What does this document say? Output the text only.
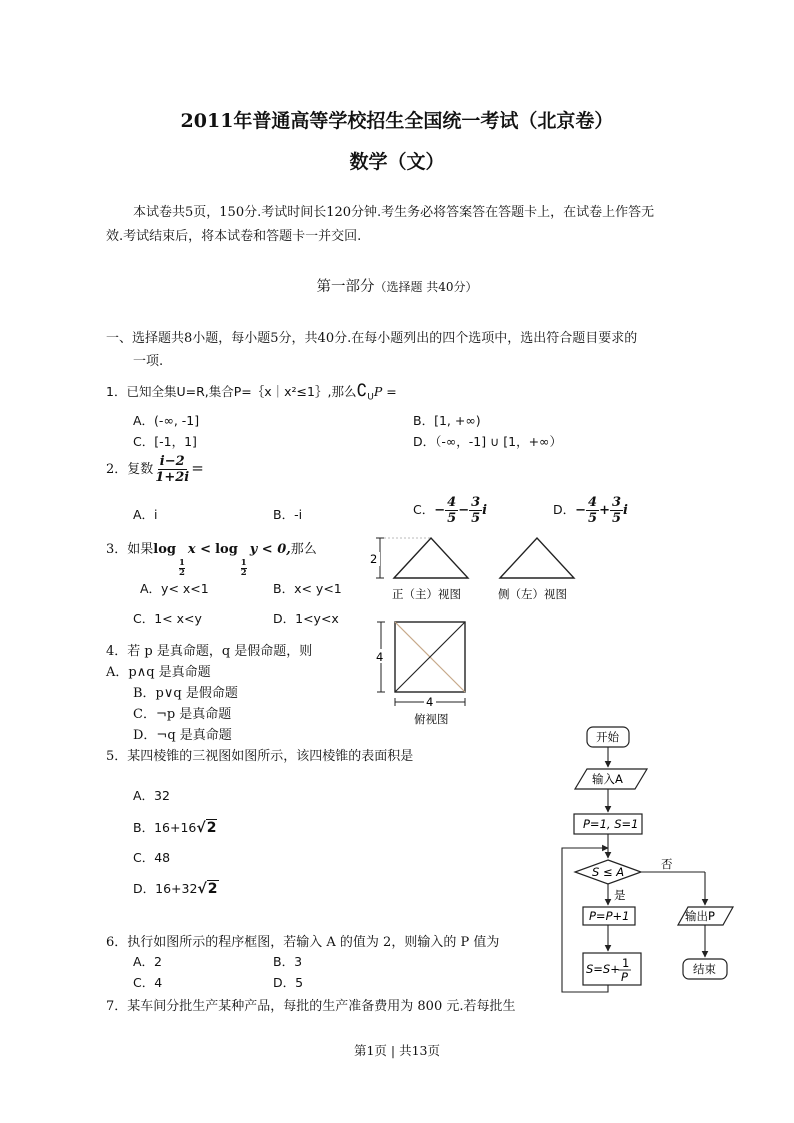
2011年普通高等学校招生全国统一考试（北京卷）
数学（文）
本试卷共5页，150分.考试时间长120分钟.考生务必将答案答在答题卡上，在试卷上作答无
效.考试结束后，将本试卷和答题卡一并交回.
第一部分（选择题 共40分）
一、选择题共8小题，每小题5分，共40分.在每小题列出的四个选项中，选出符合题目要求的
一项.
1．已知全集U=R,集合P=｛x｜x²≤1｝,那么$∁_UP$ =
A．(-∞, -1]	B．[1, +∞)
C．[-1，1]	D．（-∞，-1] ∪ [1，+∞）
2．复数 $\frac{i-2}{1+2i}$ =
A．i	B．-i	C．− $\frac{4}{5} - \frac{3}{5}$ i	D．− $\frac{4}{5} + \frac{3}{5}$ i
3．如果log
$\frac{1}{2}$
x < log
$\frac{1}{2}$
y < 0,那么
A．y< x<1	B．x< y<1
C．1< x<y	D．1<y<x
4．若 p 是真命题，q 是假命题，则
A．p∧q 是真命题
B．p∨q 是假命题
C．¬p 是真命题
D．¬q 是真命题
5．某四棱锥的三视图如图所示，该四棱锥的表面积是
A．32
B．16+16√2
C．48
D．16+32√2
6．执行如图所示的程序框图，若输入 A 的值为 2，则输入的 P 值为
A．2	B．3
C．4	D．5
7．某车间分批生产某种产品，每批的生产准备费用为 800 元.若每批生
2
正（主）视图	侧（左）视图
4
4
俯视图
开始
输入A
P=1, S=1
S ≤ A
否
是
P=P+1
S=S+ 1
P
输出P
结束
第1页 | 共13页
